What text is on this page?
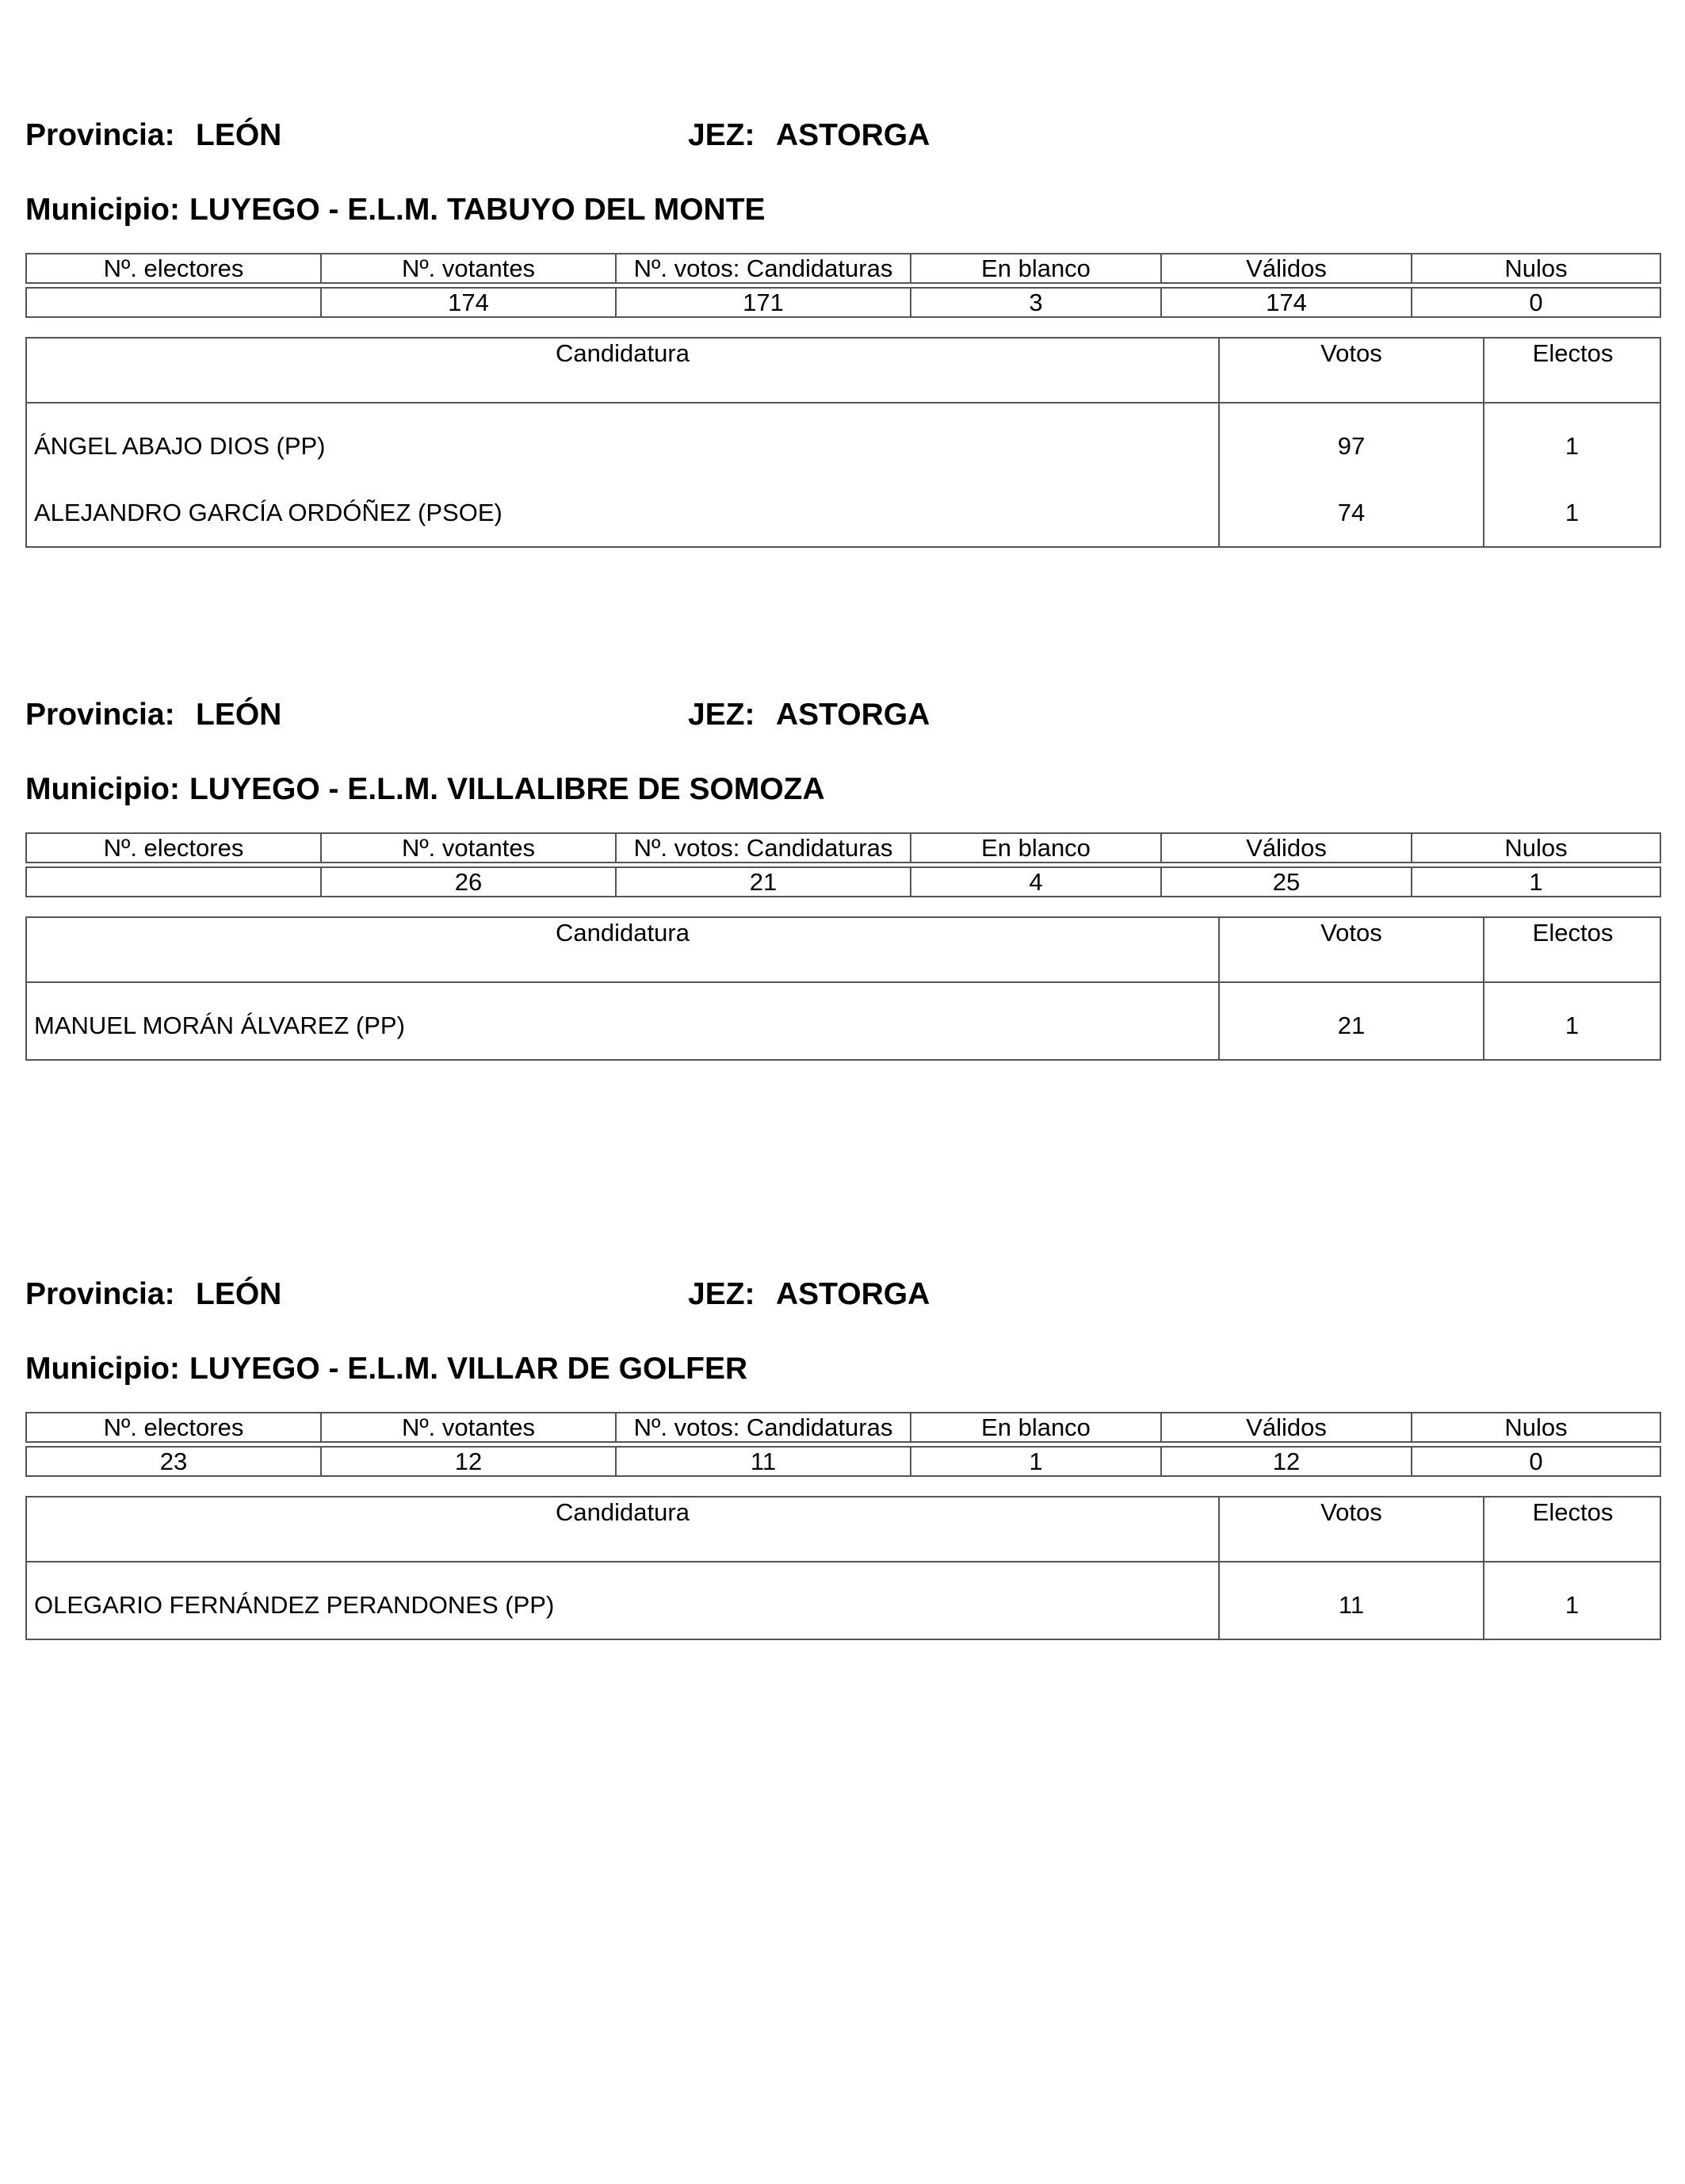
Provincia: LEÓN	JEZ: ASTORGA
Municipio: LUYEGO - E.L.M. TABUYO DEL MONTE
Nº. electores	Nº. votantes	Nº. votos: Candidaturas	En blanco	Válidos	Nulos
	174	171	3	174	0
Candidatura	Votos	Electos
ÁNGEL ABAJO DIOS (PP)	97	1
ALEJANDRO GARCÍA ORDÓÑEZ (PSOE)	74	1
Provincia: LEÓN	JEZ: ASTORGA
Municipio: LUYEGO - E.L.M. VILLALIBRE DE SOMOZA
Nº. electores	Nº. votantes	Nº. votos: Candidaturas	En blanco	Válidos	Nulos
	26	21	4	25	1
Candidatura	Votos	Electos
MANUEL MORÁN ÁLVAREZ (PP)	21	1
Provincia: LEÓN	JEZ: ASTORGA
Municipio: LUYEGO - E.L.M. VILLAR DE GOLFER
Nº. electores	Nº. votantes	Nº. votos: Candidaturas	En blanco	Válidos	Nulos
23	12	11	1	12	0
Candidatura	Votos	Electos
OLEGARIO FERNÁNDEZ PERANDONES (PP)	11	1
